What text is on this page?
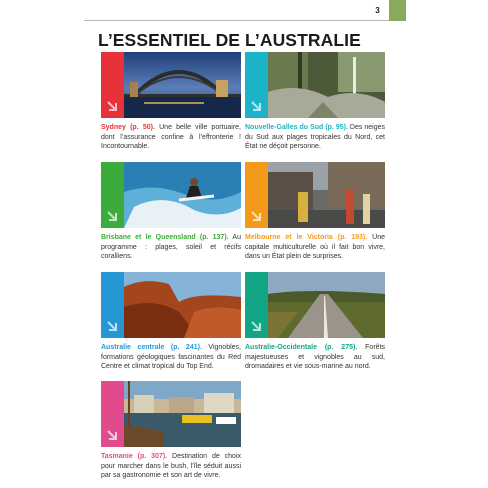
3
L’ESSENTIEL DE L’AUSTRALIE
Sydney (p. 50). Une belle ville portuaire, dont l’assurance confine à l’effronterie ! Incontournable.
Nouvelle-Galles du Sud (p. 95). Des neiges du Sud aux plages tropicales du Nord, cet État ne déçoit personne.
Brisbane et le Queensland (p. 137). Au programme : plages, soleil et récifs coralliens.
Melbourne et le Victoria (p. 193). Une capitale multiculturelle où il fait bon vivre, dans un État plein de surprises.
Australie centrale (p. 241). Vignobles, formations géologiques fascinantes du Red Centre et climat tropical du Top End.
Australie-Occidentale (p. 275). Forêts majestueuses et vignobles au sud, dromadaires et vie sous-marine au nord.
Tasmanie (p. 307). Destination de choix pour marcher dans le bush, l’île séduit aussi par sa gastronomie et son art de vivre.
